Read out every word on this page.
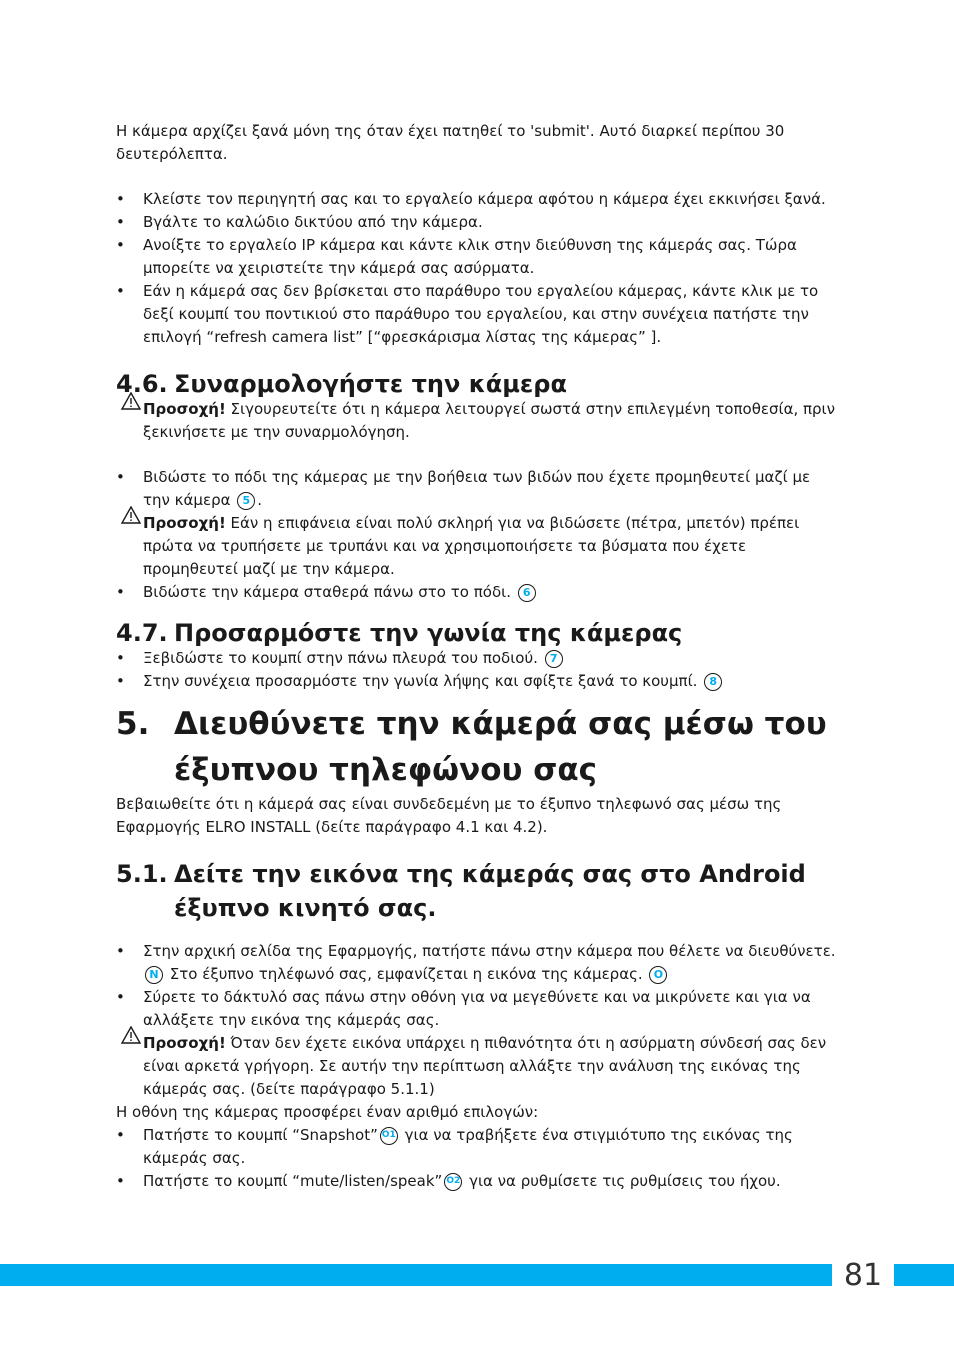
Η κάμερα αρχίζει ξανά μόνη της όταν έχει πατηθεί το 'submit'. Αυτό διαρκεί περίπου 30 δευτερόλεπτα.

• Κλείστε τον περιηγητή σας και το εργαλείο κάμερα αφότου η κάμερα έχει εκκινήσει ξανά.
• Βγάλτε το καλώδιο δικτύου από την κάμερα.
• Ανοίξτε το εργαλείο IP κάμερα και κάντε κλικ στην διεύθυνση της κάμεράς σας. Τώρα μπορείτε να χειριστείτε την κάμερά σας ασύρματα.
• Εάν η κάμερά σας δεν βρίσκεται στο παράθυρο του εργαλείου κάμερας, κάντε κλικ με το δεξί κουμπί του ποντικιού στο παράθυρο του εργαλείου, και στην συνέχεια πατήστε την επιλογή “refresh camera list” [“φρεσκάρισμα λίστας της κάμερας” ].
4.6. Συναρμολογήστε την κάμερα
Προσοχή! Σιγουρευτείτε ότι η κάμερα λειτουργεί σωστά στην επιλεγμένη τοποθεσία, πριν ξεκινήσετε με την συναρμολόγηση.
• Βιδώστε το πόδι της κάμερας με την βοήθεια των βιδών που έχετε προμηθευτεί μαζί με την κάμερα 5 .
Προσοχή! Εάν η επιφάνεια είναι πολύ σκληρή για να βιδώσετε (πέτρα, μπετόν) πρέπει πρώτα να τρυπήσετε με τρυπάνι και να χρησιμοποιήσετε τα βύσματα που έχετε προμηθευτεί μαζί με την κάμερα.
• Βιδώστε την κάμερα σταθερά πάνω στο το πόδι. 6
4.7. Προσαρμόστε την γωνία της κάμερας
• Ξεβιδώστε το κουμπί στην πάνω πλευρά του ποδιού. 7
• Στην συνέχεια προσαρμόστε την γωνία λήψης και σφίξτε ξανά το κουμπί. 8
5. Διευθύνετε την κάμερά σας μέσω του
έξυπνου τηλεφώνου σας

Βεβαιωθείτε ότι η κάμερά σας είναι συνδεδεμένη με το έξυπνο τηλεφωνό σας μέσω της Εφαρμογής ELRO INSTALL (δείτε παράγραφο 4.1 και 4.2).

5.1. Δείτε την εικόνα της κάμεράς σας στο Android
έξυπνο κινητό σας.
• Στην αρχική σελίδα της Εφαρμογής, πατήστε πάνω στην κάμερα που θέλετε να διευθύνετε. N Στο έξυπνο τηλέφωνό σας, εμφανίζεται η εικόνα της κάμερας. O
• Σύρετε το δάκτυλό σας πάνω στην οθόνη για να μεγεθύνετε και να μικρύνετε και για να αλλάξετε την εικόνα της κάμεράς σας.
Προσοχή! Όταν δεν έχετε εικόνα υπάρχει η πιθανότητα ότι η ασύρματη σύνδεσή σας δεν είναι αρκετά γρήγορη. Σε αυτήν την περίπτωση αλλάξτε την ανάλυση της εικόνας της κάμεράς σας. (δείτε παράγραφο 5.1.1)

Η οθόνη της κάμερας προσφέρει έναν αριθμό επιλογών:

• Πατήστε το κουμπί “Snapshot” O1 για να τραβήξετε ένα στιγμιότυπο της εικόνας της κάμεράς σας.
• Πατήστε το κουμπί “mute/listen/speak” O2 για να ρυθμίσετε τις ρυθμίσεις του ήχου.
81
